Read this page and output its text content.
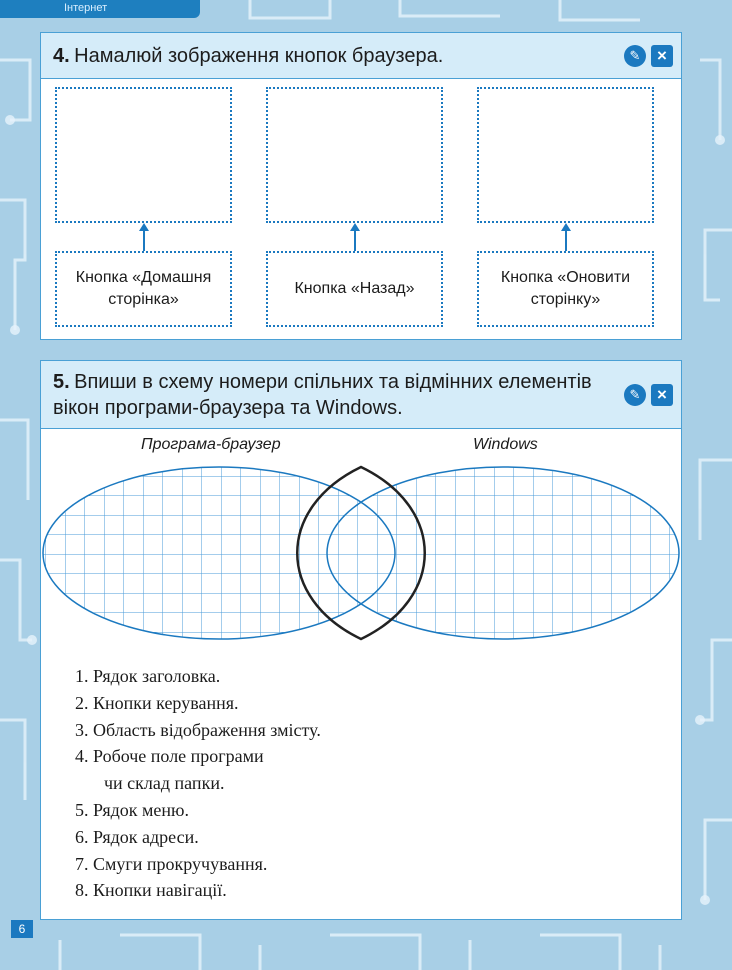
Інтернет
4. Намалюй зображення кнопок браузера.	✎ ×
Кнопка «Домашня сторінка»
Кнопка «Назад»
Кнопка «Оновити сторінку»
5. Впиши в схему номери спільних та відмінних елементів вікон програми-браузера та Windows.
✎ ×
Програма-браузер	Windows
1. Рядок заголовка.
2. Кнопки керування.
3. Область відображення змісту.
4. Робоче поле програми
чи склад папки.
5. Рядок меню.
6. Рядок адреси.
7. Смуги прокручування.
8. Кнопки навігації.
6
